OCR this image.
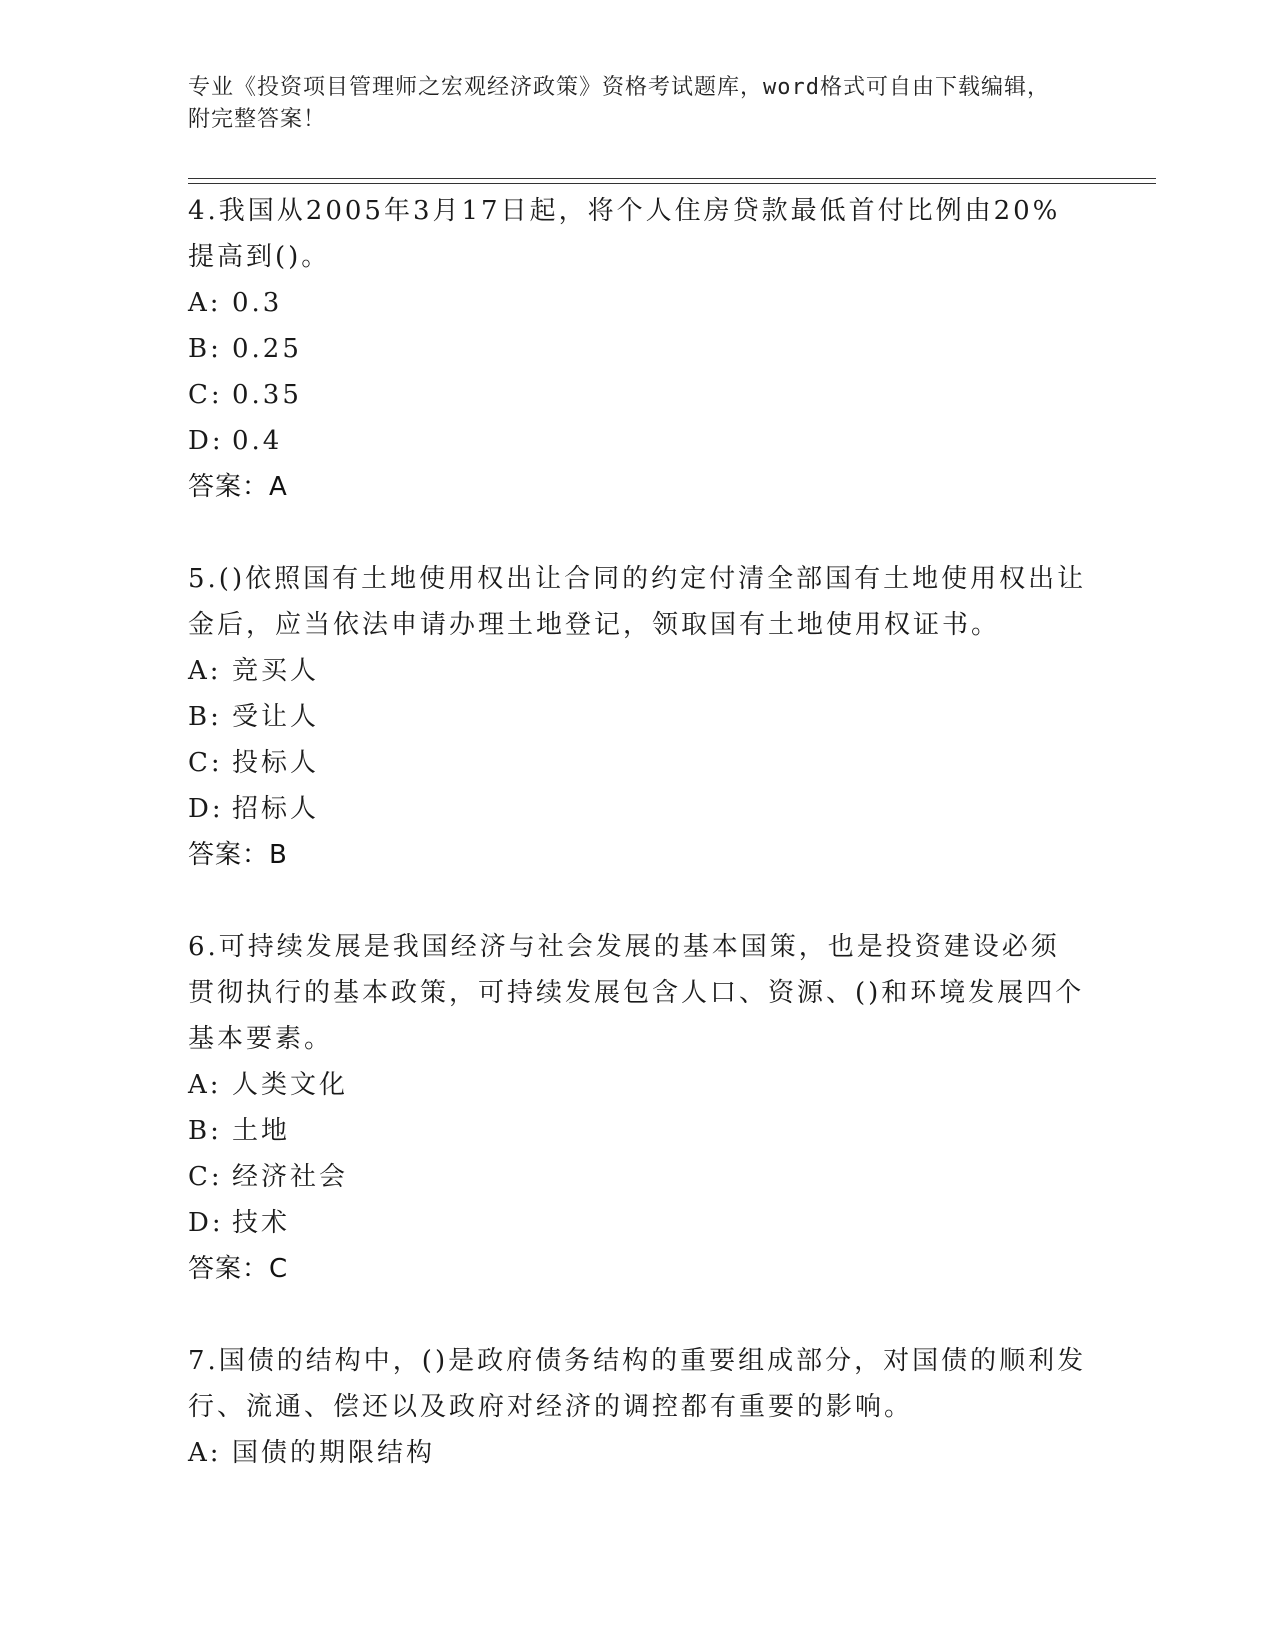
专业《投资项目管理师之宏观经济政策》资格考试题库，word格式可自由下载编辑，附完整答案！
4.我国从2005年3月17日起，将个人住房贷款最低首付比例由20%提高到()。
A: 0.3
B: 0.25
C: 0.35
D: 0.4
答案：A
5.()依照国有土地使用权出让合同的约定付清全部国有土地使用权出让金后，应当依法申请办理土地登记，领取国有土地使用权证书。
A: 竞买人
B: 受让人
C: 投标人
D: 招标人
答案：B
6.可持续发展是我国经济与社会发展的基本国策，也是投资建设必须贯彻执行的基本政策，可持续发展包含人口、资源、()和环境发展四个基本要素。
A: 人类文化
B: 土地
C: 经济社会
D: 技术
答案：C
7.国债的结构中，()是政府债务结构的重要组成部分，对国债的顺利发行、流通、偿还以及政府对经济的调控都有重要的影响。
A: 国债的期限结构
